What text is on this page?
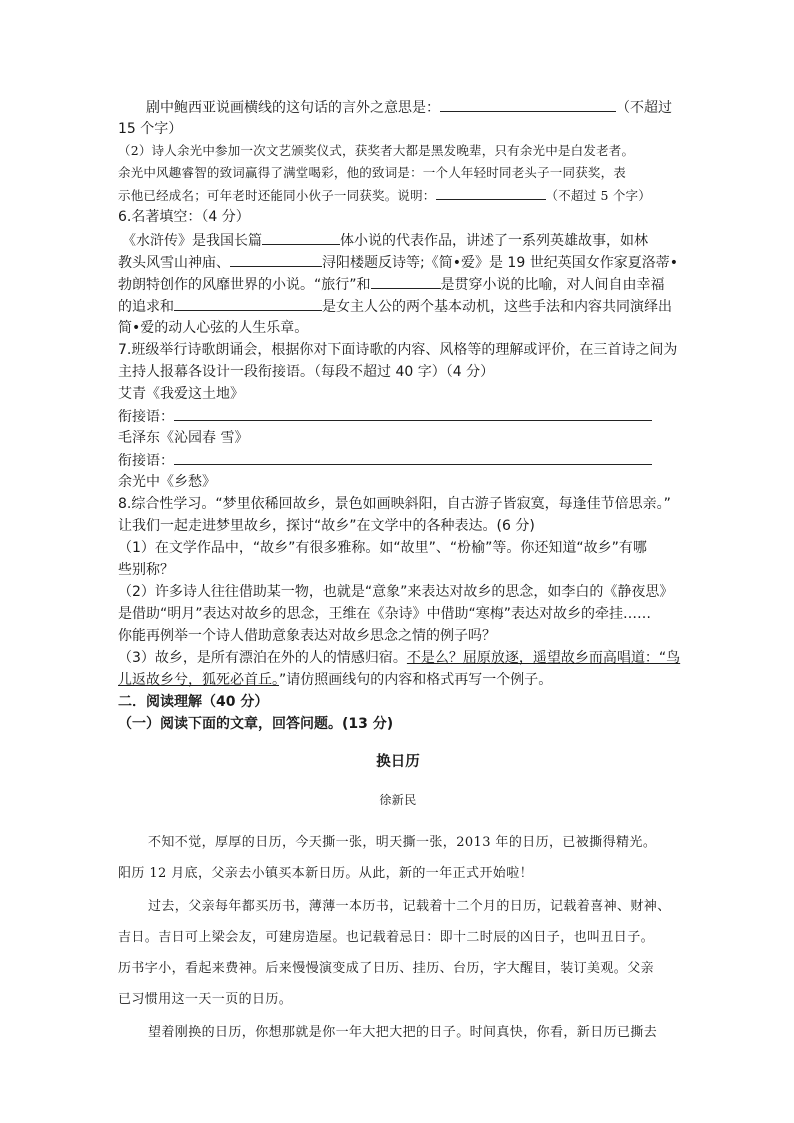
剧中鲍西亚说画横线的这句话的言外之意思是：	（不超过
15 个字）
（2）诗人余光中参加一次文艺颁奖仪式，获奖者大都是黑发晚辈，只有余光中是白发老者。
余光中风趣睿智的致词赢得了满堂喝彩，他的致词是：一个人年轻时同老头子一同获奖，表
示他已经成名；可年老时还能同小伙子一同获奖。说明：	（不超过 5 个字）
6.名著填空：（4 分）
《水浒传》是我国长篇	体小说的代表作品，讲述了一系列英雄故事，如林
教头风雪山神庙、	浔阳楼题反诗等;《简•爱》是 19 世纪英国女作家夏洛蒂•
勃朗特创作的风靡世界的小说。“旅行”和	是贯穿小说的比喻，对人间自由幸福
的追求和	是女主人公的两个基本动机，这些手法和内容共同演绎出
简•爱的动人心弦的人生乐章。
7.班级举行诗歌朗诵会，根据你对下面诗歌的内容、风格等的理解或评价，在三首诗之间为
主持人报幕各设计一段衔接语。（每段不超过 40 字）（4 分）
艾青《我爱这土地》
衔接语：
毛泽东《沁园春 雪》
衔接语：
余光中《乡愁》
8.综合性学习。“梦里依稀回故乡，景色如画映斜阳，自古游子皆寂寞，每逢佳节倍思亲。”
让我们一起走进梦里故乡，探讨“故乡”在文学中的各种表达。(6 分)
（1）在文学作品中，“故乡”有很多雅称。如“故里”、“枌榆”等。你还知道“故乡”有哪
些别称？
（2）许多诗人往往借助某一物，也就是“意象”来表达对故乡的思念，如李白的《静夜思》
是借助“明月”表达对故乡的思念，王维在《杂诗》中借助“寒梅”表达对故乡的牵挂……
你能再例举一个诗人借助意象表达对故乡思念之情的例子吗？
（3）故乡，是所有漂泊在外的人的情感归宿。不是么？屈原放逐，遥望故乡而高唱道：“鸟
儿返故乡兮，狐死必首丘。”请仿照画线句的内容和格式再写一个例子。
二．阅读理解（40 分）
（一）阅读下面的文章，回答问题。(13 分)
换日历
徐新民
不知不觉，厚厚的日历，今天撕一张，明天撕一张，2013 年的日历，已被撕得精光。
阳历 12 月底，父亲去小镇买本新日历。从此，新的一年正式开始啦！
过去，父亲每年都买历书，薄薄一本历书，记载着十二个月的日历，记载着喜神、财神、
吉日。吉日可上梁会友，可建房造屋。也记载着忌日：即十二时辰的凶日子，也叫丑日子。
历书字小，看起来费神。后来慢慢演变成了日历、挂历、台历，字大醒目，装订美观。父亲
已习惯用这一天一页的日历。
望着刚换的日历，你想那就是你一年大把大把的日子。时间真快，你看，新日历已撕去
